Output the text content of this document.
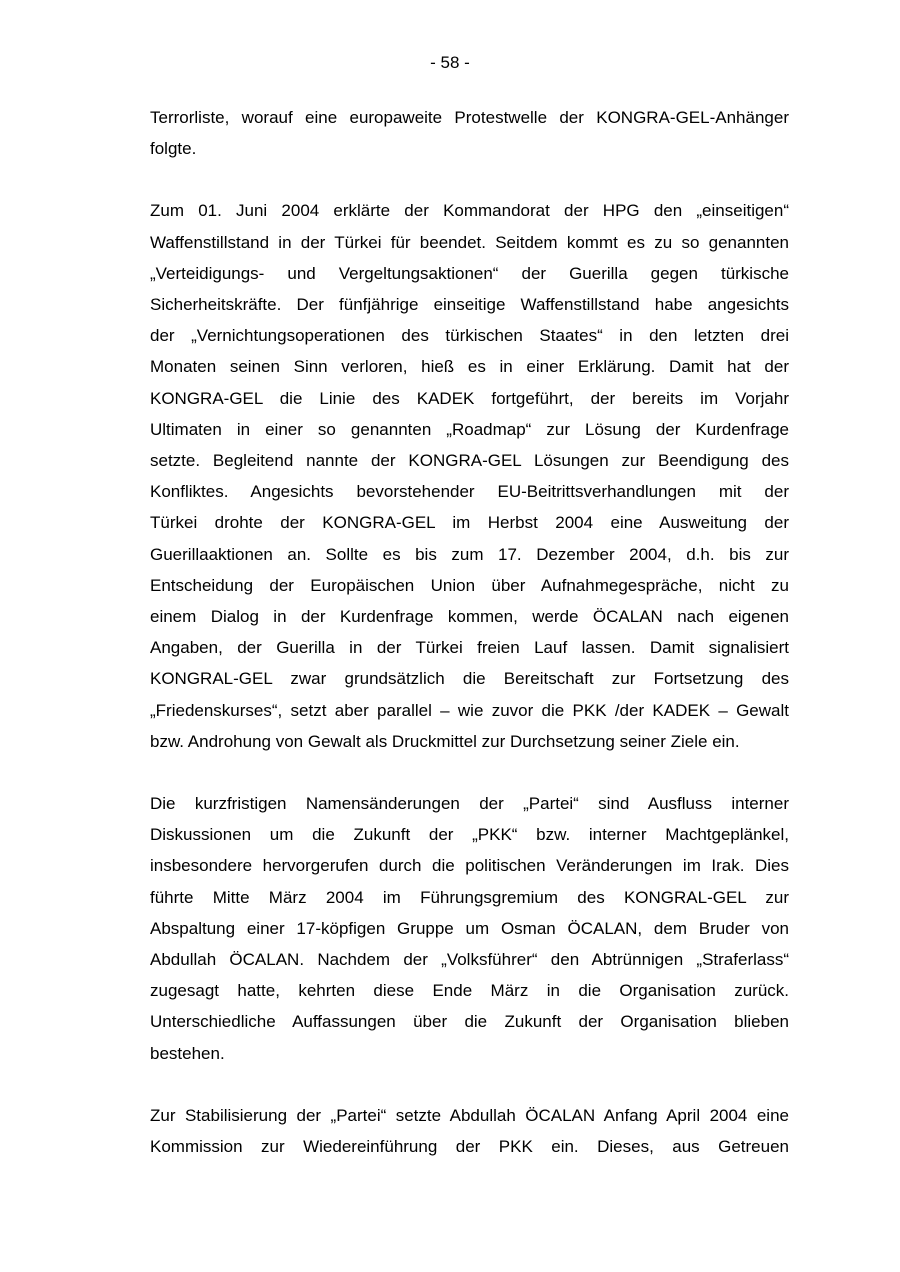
- 58 -

Terrorliste, worauf eine europaweite Protestwelle der KONGRA-GEL-Anhänger
folgte.

Zum 01. Juni 2004 erklärte der Kommandorat der HPG den „einseitigen“
Waffenstillstand in der Türkei für beendet. Seitdem kommt es zu so genannten
„Verteidigungs- und Vergeltungsaktionen“ der Guerilla gegen türkische
Sicherheitskräfte. Der fünfjährige einseitige Waffenstillstand habe angesichts
der „Vernichtungsoperationen des türkischen Staates“ in den letzten drei
Monaten seinen Sinn verloren, hieß es in einer Erklärung. Damit hat der
KONGRA-GEL die Linie des KADEK fortgeführt, der bereits im Vorjahr
Ultimaten in einer so genannten „Roadmap“ zur Lösung der Kurdenfrage
setzte. Begleitend nannte der KONGRA-GEL Lösungen zur Beendigung des
Konfliktes. Angesichts bevorstehender EU-Beitrittsverhandlungen mit der
Türkei drohte der KONGRA-GEL im Herbst 2004 eine Ausweitung der
Guerillaaktionen an. Sollte es bis zum 17. Dezember 2004, d.h. bis zur
Entscheidung der Europäischen Union über Aufnahmegespräche, nicht zu
einem Dialog in der Kurdenfrage kommen, werde ÖCALAN nach eigenen
Angaben, der Guerilla in der Türkei freien Lauf lassen. Damit signalisiert
KONGRAL-GEL zwar grundsätzlich die Bereitschaft zur Fortsetzung des
„Friedenskurses“, setzt aber parallel – wie zuvor die PKK /der KADEK – Gewalt
bzw. Androhung von Gewalt als Druckmittel zur Durchsetzung seiner Ziele ein.

Die kurzfristigen Namensänderungen der „Partei“ sind Ausfluss interner
Diskussionen um die Zukunft der „PKK“ bzw. interner Machtgeplänkel,
insbesondere hervorgerufen durch die politischen Veränderungen im Irak. Dies
führte Mitte März 2004 im Führungsgremium des KONGRAL-GEL zur
Abspaltung einer 17-köpfigen Gruppe um Osman ÖCALAN, dem Bruder von
Abdullah ÖCALAN. Nachdem der „Volksführer“ den Abtrünnigen „Straferlass“
zugesagt hatte, kehrten diese Ende März in die Organisation zurück.
Unterschiedliche Auffassungen über die Zukunft der Organisation blieben
bestehen.

Zur Stabilisierung der „Partei“ setzte Abdullah ÖCALAN Anfang April 2004 eine
Kommission zur Wiedereinführung der PKK ein. Dieses, aus Getreuen
